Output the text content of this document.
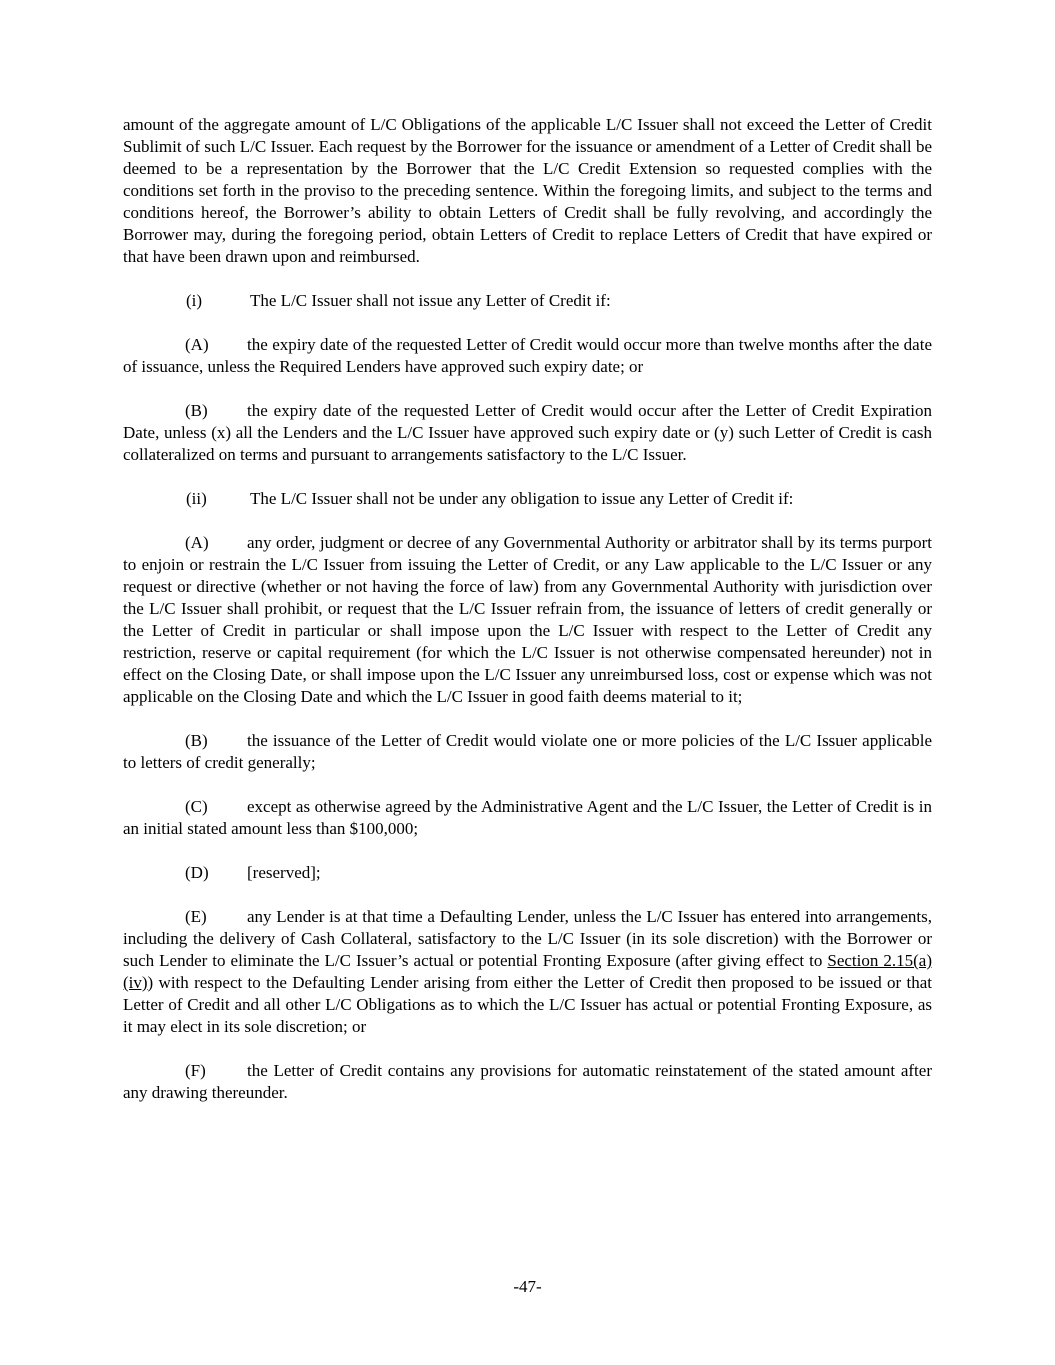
amount of the aggregate amount of L/C Obligations of the applicable L/C Issuer shall not exceed the Letter of Credit Sublimit of such L/C Issuer. Each request by the Borrower for the issuance or amendment of a Letter of Credit shall be deemed to be a representation by the Borrower that the L/C Credit Extension so requested complies with the conditions set forth in the proviso to the preceding sentence. Within the foregoing limits, and subject to the terms and conditions hereof, the Borrower’s ability to obtain Letters of Credit shall be fully revolving, and accordingly the Borrower may, during the foregoing period, obtain Letters of Credit to replace Letters of Credit that have expired or that have been drawn upon and reimbursed.

(i)	The L/C Issuer shall not issue any Letter of Credit if:

(A) the expiry date of the requested Letter of Credit would occur more than twelve months after the date of issuance, unless the Required Lenders have approved such expiry date; or

(B) the expiry date of the requested Letter of Credit would occur after the Letter of Credit Expiration Date, unless (x) all the Lenders and the L/C Issuer have approved such expiry date or (y) such Letter of Credit is cash collateralized on terms and pursuant to arrangements satisfactory to the L/C Issuer.

(ii)	The L/C Issuer shall not be under any obligation to issue any Letter of Credit if:

(A) any order, judgment or decree of any Governmental Authority or arbitrator shall by its terms purport to enjoin or restrain the L/C Issuer from issuing the Letter of Credit, or any Law applicable to the L/C Issuer or any request or directive (whether or not having the force of law) from any Governmental Authority with jurisdiction over the L/C Issuer shall prohibit, or request that the L/C Issuer refrain from, the issuance of letters of credit generally or the Letter of Credit in particular or shall impose upon the L/C Issuer with respect to the Letter of Credit any restriction, reserve or capital requirement (for which the L/C Issuer is not otherwise compensated hereunder) not in effect on the Closing Date, or shall impose upon the L/C Issuer any unreimbursed loss, cost or expense which was not applicable on the Closing Date and which the L/C Issuer in good faith deems material to it;

(B) the issuance of the Letter of Credit would violate one or more policies of the L/C Issuer applicable to letters of credit generally;

(C) except as otherwise agreed by the Administrative Agent and the L/C Issuer, the Letter of Credit is in an initial stated amount less than $100,000;

(D) [reserved];

(E) any Lender is at that time a Defaulting Lender, unless the L/C Issuer has entered into arrangements, including the delivery of Cash Collateral, satisfactory to the L/C Issuer (in its sole discretion) with the Borrower or such Lender to eliminate the L/C Issuer’s actual or potential Fronting Exposure (after giving effect to Section 2.15(a)(iv)) with respect to the Defaulting Lender arising from either the Letter of Credit then proposed to be issued or that Letter of Credit and all other L/C Obligations as to which the L/C Issuer has actual or potential Fronting Exposure, as it may elect in its sole discretion; or

(F) the Letter of Credit contains any provisions for automatic reinstatement of the stated amount after any drawing thereunder.

-47-
